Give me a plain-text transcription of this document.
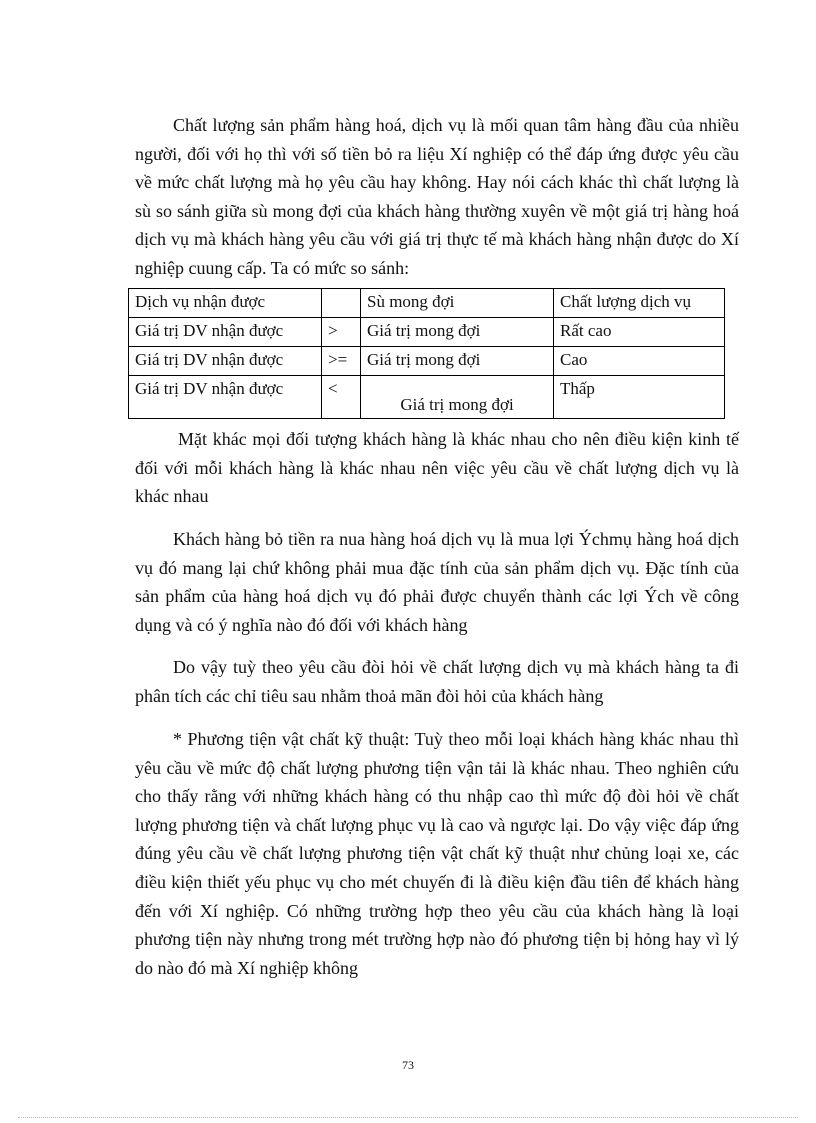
Chất lượng sản phẩm hàng hoá, dịch vụ là mối quan tâm hàng đầu của nhiều người, đối với họ thì với số tiền bỏ ra liệu Xí nghiệp có thể đáp ứng được yêu cầu về mức chất lượng mà họ yêu cầu hay không. Hay nói cách khác thì chất lượng là sù so sánh giữa sù mong đợi của khách hàng thường xuyên về một giá trị hàng hoá dịch vụ mà khách hàng yêu cầu với giá trị thực tế mà khách hàng nhận được do Xí nghiệp cuung cấp. Ta có mức so sánh:

Dịch vụ nhận được		Sù mong đợi	Chất lượng dịch vụ
Giá trị DV nhận được	>	Giá trị mong đợi	Rất cao
Giá trị DV nhận được	>=	Giá trị mong đợi	Cao
Giá trị DV nhận được	<	Giá trị mong đợi	Thấp

Mặt khác mọi đối tượng khách hàng là khác nhau cho nên điều kiện kinh tế đối với mỗi khách hàng là khác nhau nên việc yêu cầu về chất lượng dịch vụ là khác nhau

Khách hàng bỏ tiền ra nua hàng hoá dịch vụ là mua lợi Ýchmụ hàng hoá dịch vụ đó mang lại chứ không phải mua đặc tính của sản phẩm dịch vụ. Đặc tính của sản phẩm của hàng hoá dịch vụ đó phải được chuyển thành các lợi Ých về công dụng và có ý nghĩa nào đó đối với khách hàng

Do vậy tuỳ theo yêu cầu đòi hỏi về chất lượng dịch vụ mà khách hàng ta đi phân tích các chỉ tiêu sau nhằm thoả mãn đòi hỏi của khách hàng

* Phương tiện vật chất kỹ thuật: Tuỳ theo mỗi loại khách hàng khác nhau thì yêu cầu về mức độ chất lượng phương tiện vận tải là khác nhau. Theo nghiên cứu cho thấy rằng với những khách hàng có thu nhập cao thì mức độ đòi hỏi về chất lượng phương tiện và chất lượng phục vụ là cao và ngược lại. Do vậy việc đáp ứng đúng yêu cầu về chất lượng phương tiện vật chất kỹ thuật như chủng loại xe, các điều kiện thiết yếu phục vụ cho mét chuyến đi là điều kiện đầu tiên để khách hàng đến với Xí nghiệp. Có những trường hợp theo yêu cầu của khách hàng là loại phương tiện này nhưng trong mét trường hợp nào đó phương tiện bị hỏng hay vì lý do nào đó mà Xí nghiệp không

73
